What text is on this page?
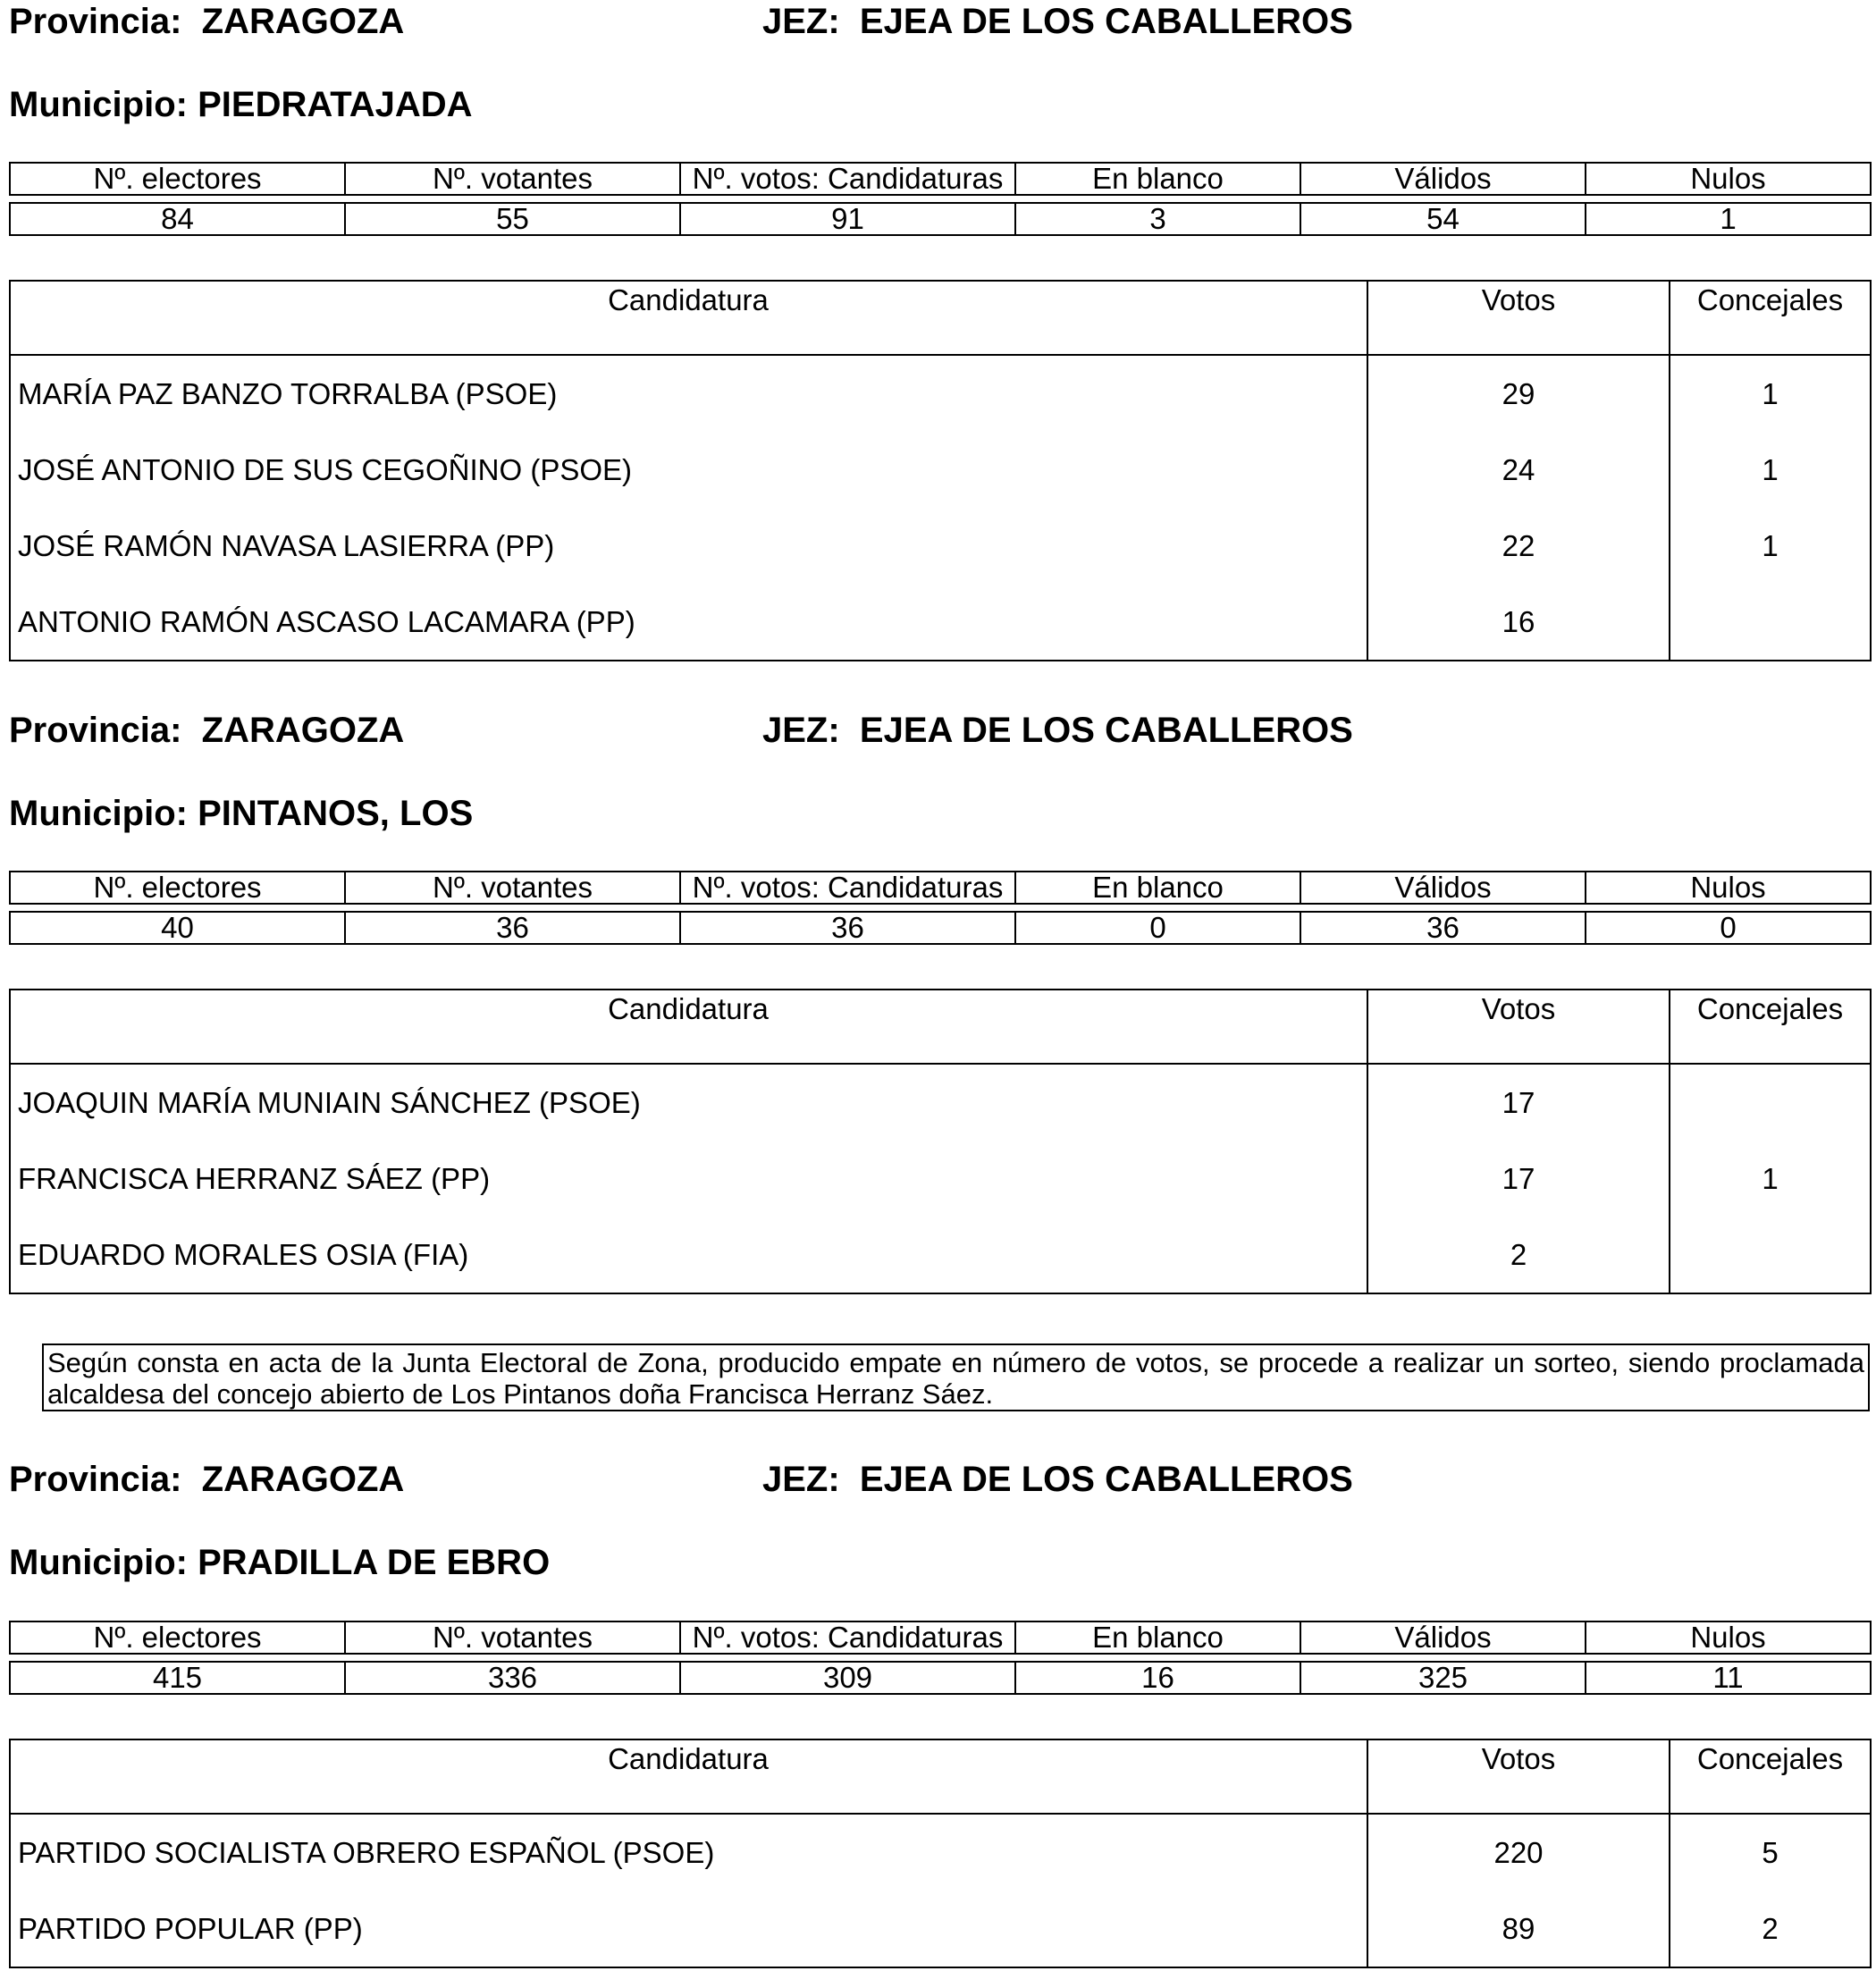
Provincia: ZARAGOZA	JEZ: EJEA DE LOS CABALLEROS
Municipio: PIEDRATAJADA
Nº. electores	Nº. votantes	Nº. votos: Candidaturas	En blanco	Válidos	Nulos
84	55	91	3	54	1
Candidatura	Votos	Concejales
MARÍA PAZ BANZO TORRALBA (PSOE)	29	1
JOSÉ ANTONIO DE SUS CEGOÑINO (PSOE)	24	1
JOSÉ RAMÓN NAVASA LASIERRA (PP)	22	1
ANTONIO RAMÓN ASCASO LACAMARA (PP)	16	
Provincia: ZARAGOZA	JEZ: EJEA DE LOS CABALLEROS
Municipio: PINTANOS, LOS
Nº. electores	Nº. votantes	Nº. votos: Candidaturas	En blanco	Válidos	Nulos
40	36	36	0	36	0
Candidatura	Votos	Concejales
JOAQUIN MARÍA MUNIAIN SÁNCHEZ (PSOE)	17	
FRANCISCA HERRANZ SÁEZ (PP)	17	1
EDUARDO MORALES OSIA (FIA)	2	
Según consta en acta de la Junta Electoral de Zona, producido empate en número de votos, se procede a realizar un sorteo, siendo proclamada alcaldesa del concejo abierto de Los Pintanos doña Francisca Herranz Sáez.
Provincia: ZARAGOZA	JEZ: EJEA DE LOS CABALLEROS
Municipio: PRADILLA DE EBRO
Nº. electores	Nº. votantes	Nº. votos: Candidaturas	En blanco	Válidos	Nulos
415	336	309	16	325	11
Candidatura	Votos	Concejales
PARTIDO SOCIALISTA OBRERO ESPAÑOL (PSOE)	220	5
PARTIDO POPULAR (PP)	89	2
